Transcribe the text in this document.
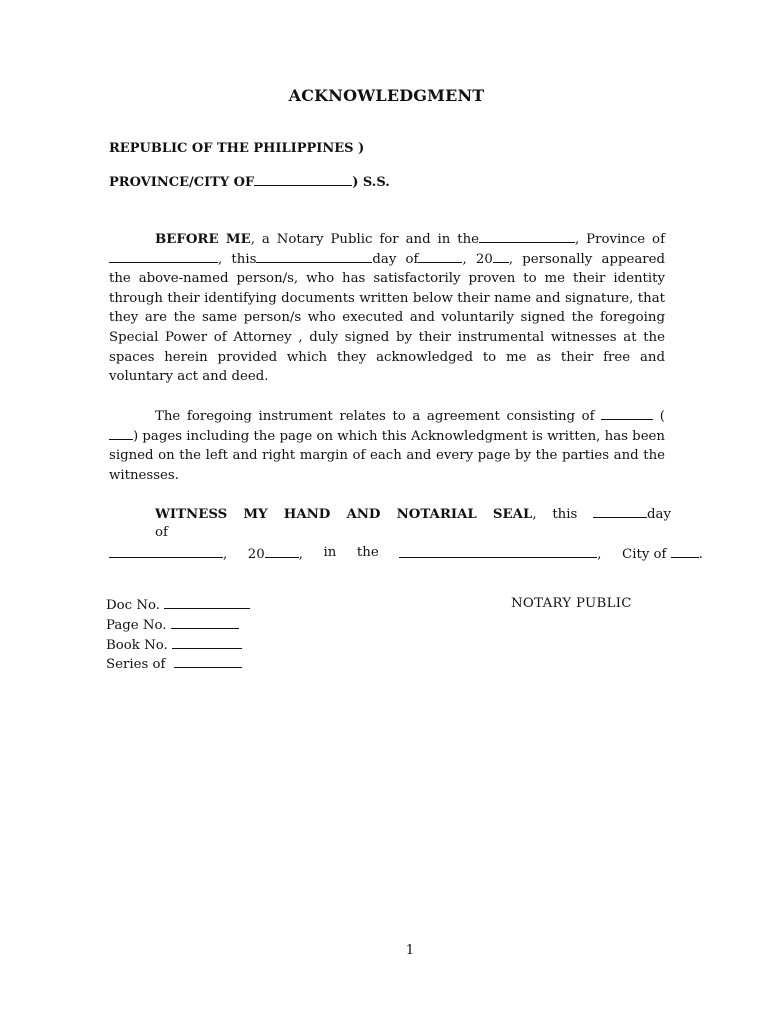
ACKNOWLEDGMENT
REPUBLIC OF THE PHILIPPINES )
PROVINCE/CITY OF	) S.S.
BEFORE ME, a Notary Public for and in the	, Province of, this	day of	, 20 , personally appeared the above-named person/s, who has satisfactorily proven to me their identity through their identifying documents written below their name and signature, that they are the same person/s who executed and voluntarily signed the foregoing Special Power of Attorney , duly signed by their instrumental witnesses at the spaces herein provided which they acknowledged to me as their free and voluntary act and deed.
The foregoing instrument relates to a agreement consisting of	() pages including the page on which this Acknowledgment is written, has been signed on the left and right margin of each and every page by the parties and the witnesses.
WITNESS MY HAND AND NOTARIAL SEAL, this	day
of
, 20	, in the	, City of .
Doc No.
Page No.
Book No.
Series of
NOTARY PUBLIC
1
